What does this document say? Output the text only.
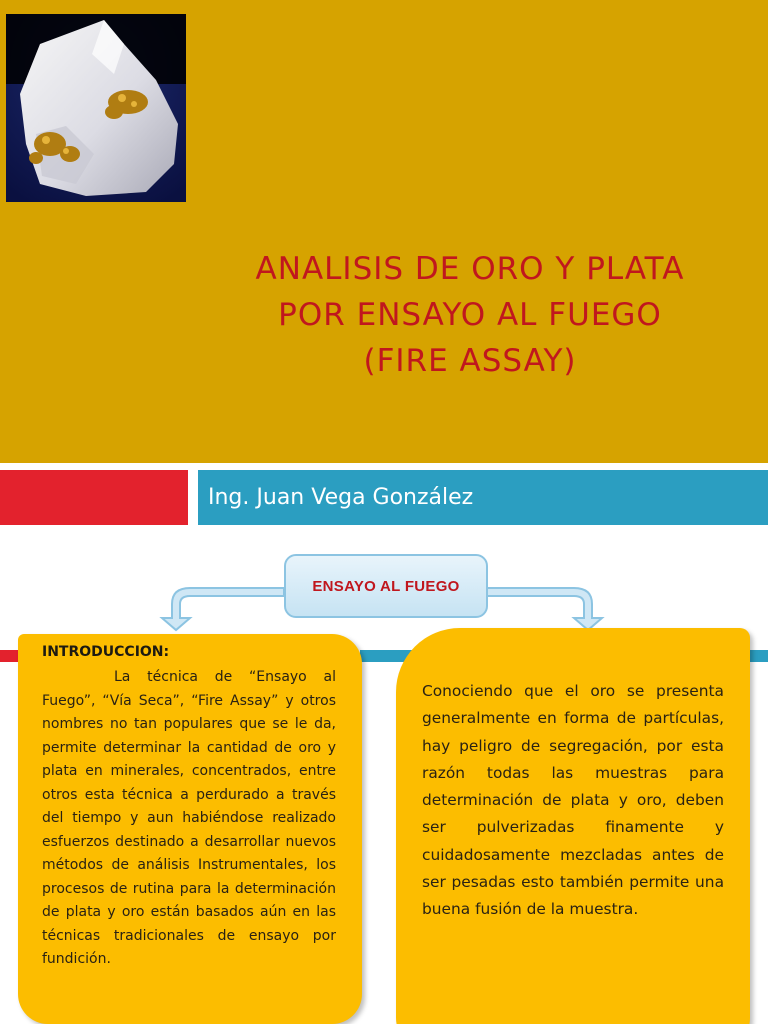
ANALISIS DE ORO Y PLATA
POR ENSAYO AL FUEGO
(FIRE ASSAY)
Ing. Juan Vega González
ENSAYO AL FUEGO
INTRODUCCION:

La técnica de “Ensayo al Fuego”, “Vía Seca”, “Fire Assay” y otros nombres no tan populares que se le da, permite determinar la cantidad de oro y plata en minerales, concentrados, entre otros esta técnica a perdurado a través del tiempo y aun habiéndose realizado esfuerzos destinado a desarrollar nuevos métodos de análisis Instrumentales, los procesos de rutina para la determinación de plata y oro están basados aún en las técnicas tradicionales de ensayo por fundición.

Conociendo que el oro se presenta generalmente en forma de partículas, hay peligro de segregación, por esta razón todas las muestras para determinación de plata y oro, deben ser pulverizadas finamente y cuidadosamente mezcladas antes de ser pesadas esto también permite una buena fusión de la muestra.
